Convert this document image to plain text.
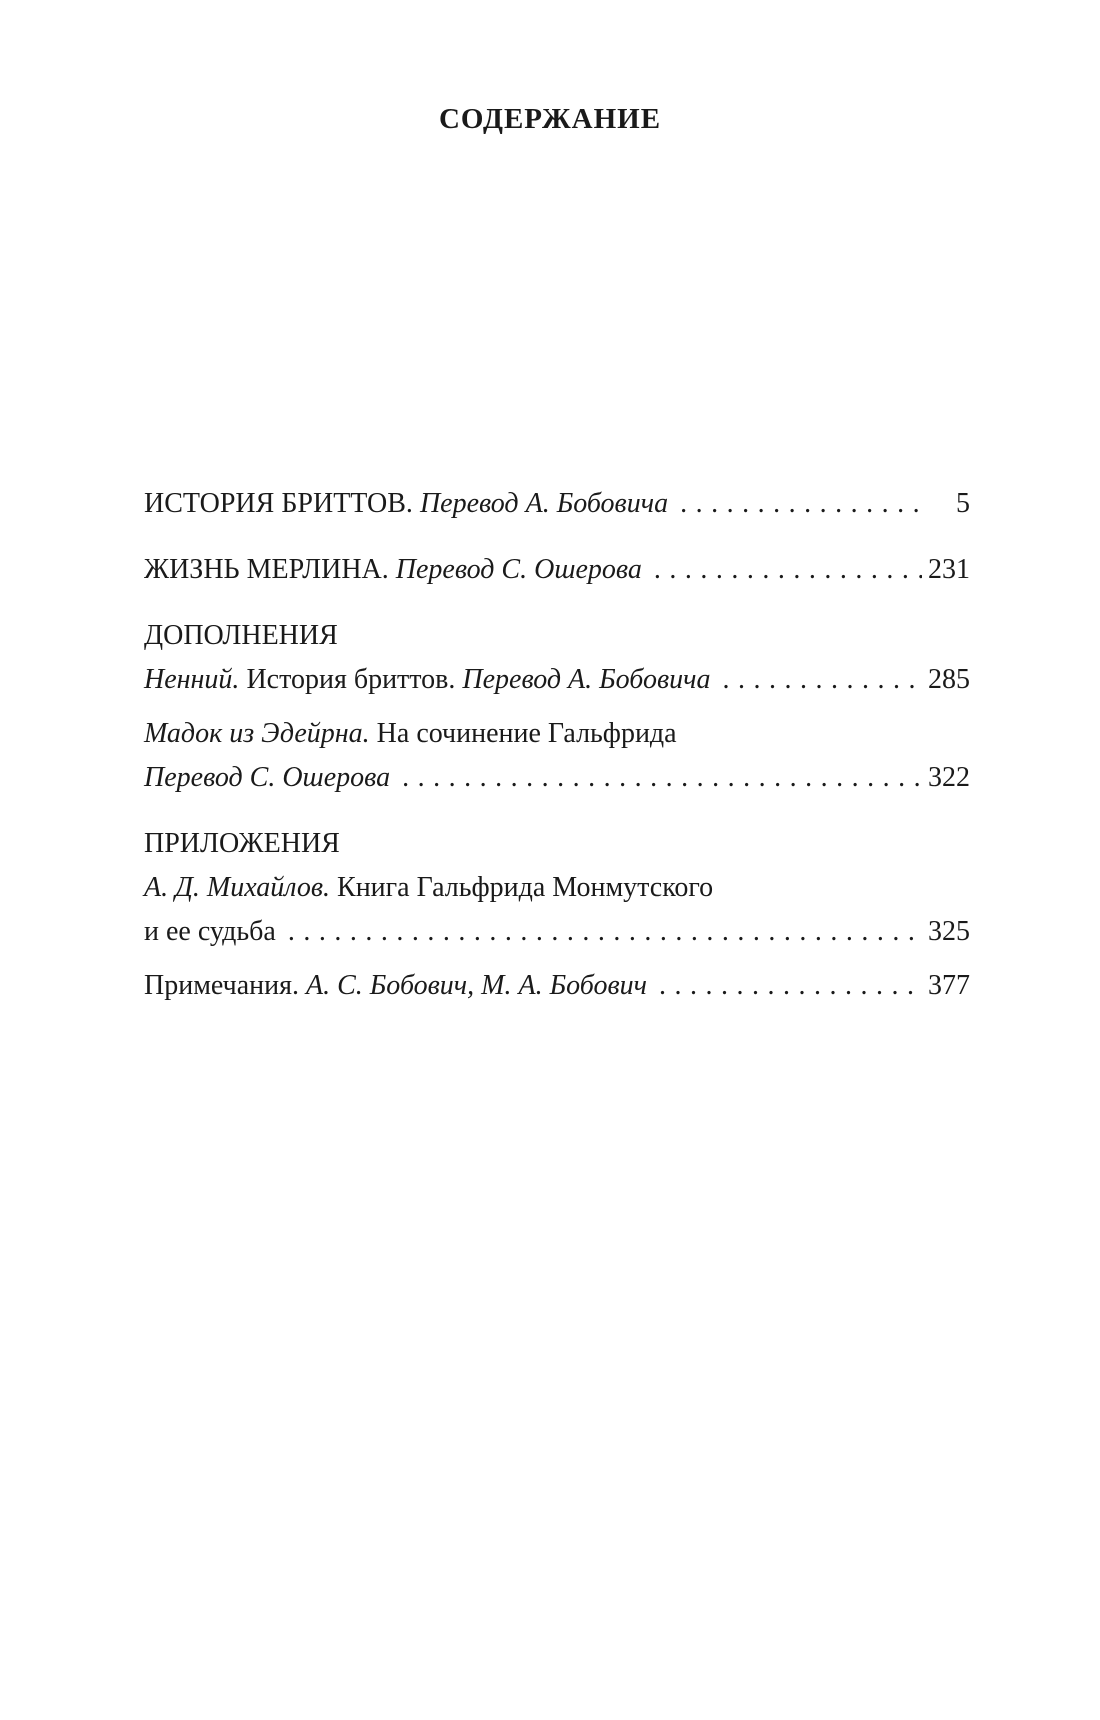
СОДЕРЖАНИЕ
ИСТОРИЯ БРИТТОВ. Перевод А. Бобовича . . .	5
ЖИЗНЬ МЕРЛИНА. Перевод С. Ошерова . . .	231
ДОПОЛНЕНИЯ
Ненний. История бриттов. Перевод А. Бобовича . . .	285
Мадок из Эдейрна. На сочинение Гальфрида
Перевод С. Ошерова . . .	322
ПРИЛОЖЕНИЯ
А. Д. Михайлов. Книга Гальфрида Монмутского
и ее судьба . . .	325
Примечания. А. С. Бобович, М. А. Бобович . . .	377
